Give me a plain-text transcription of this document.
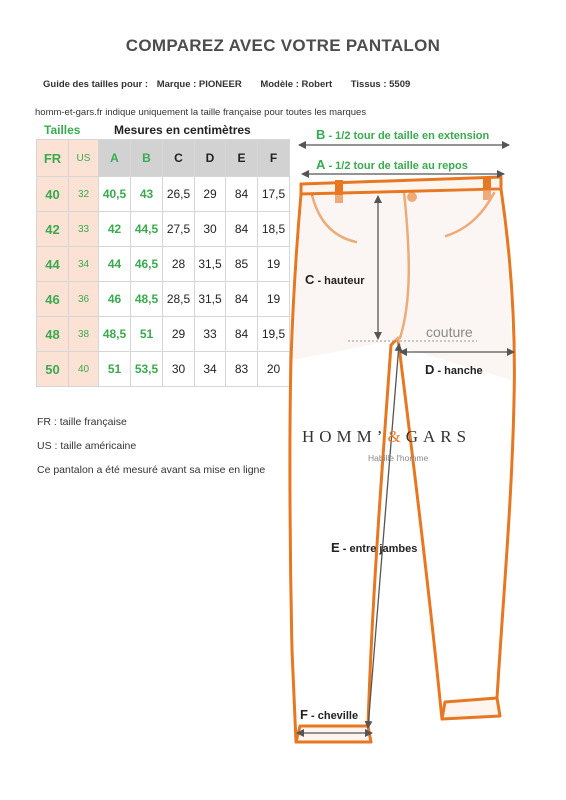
COMPAREZ AVEC VOTRE PANTALON
Guide des tailles pour : Marque : PIONEER Modèle : Robert Tissus : 5509
homm-et-gars.fr indique uniquement la taille française pour toutes les marques
Tailles	Mesures en centimètres
FR	US	A	B	C	D	E	F
40	32	40,5	43	26,5	29	84	17,5
42	33	42	44,5	27,5	30	84	18,5
44	34	44	46,5	28	31,5	85	19
46	36	46	48,5	28,5	31,5	84	19
48	38	48,5	51	29	33	84	19,5
50	40	51	53,5	30	34	83	20

FR : taille française

US : taille américaine

Ce pantalon a été mesuré avant sa mise en ligne

B - 1/2 tour de taille en extension
A - 1/2 tour de taille au repos
C - hauteur
couture
D - hanche
HOMM’&GARS
Habille l'homme
E - entre jambes
F - cheville
